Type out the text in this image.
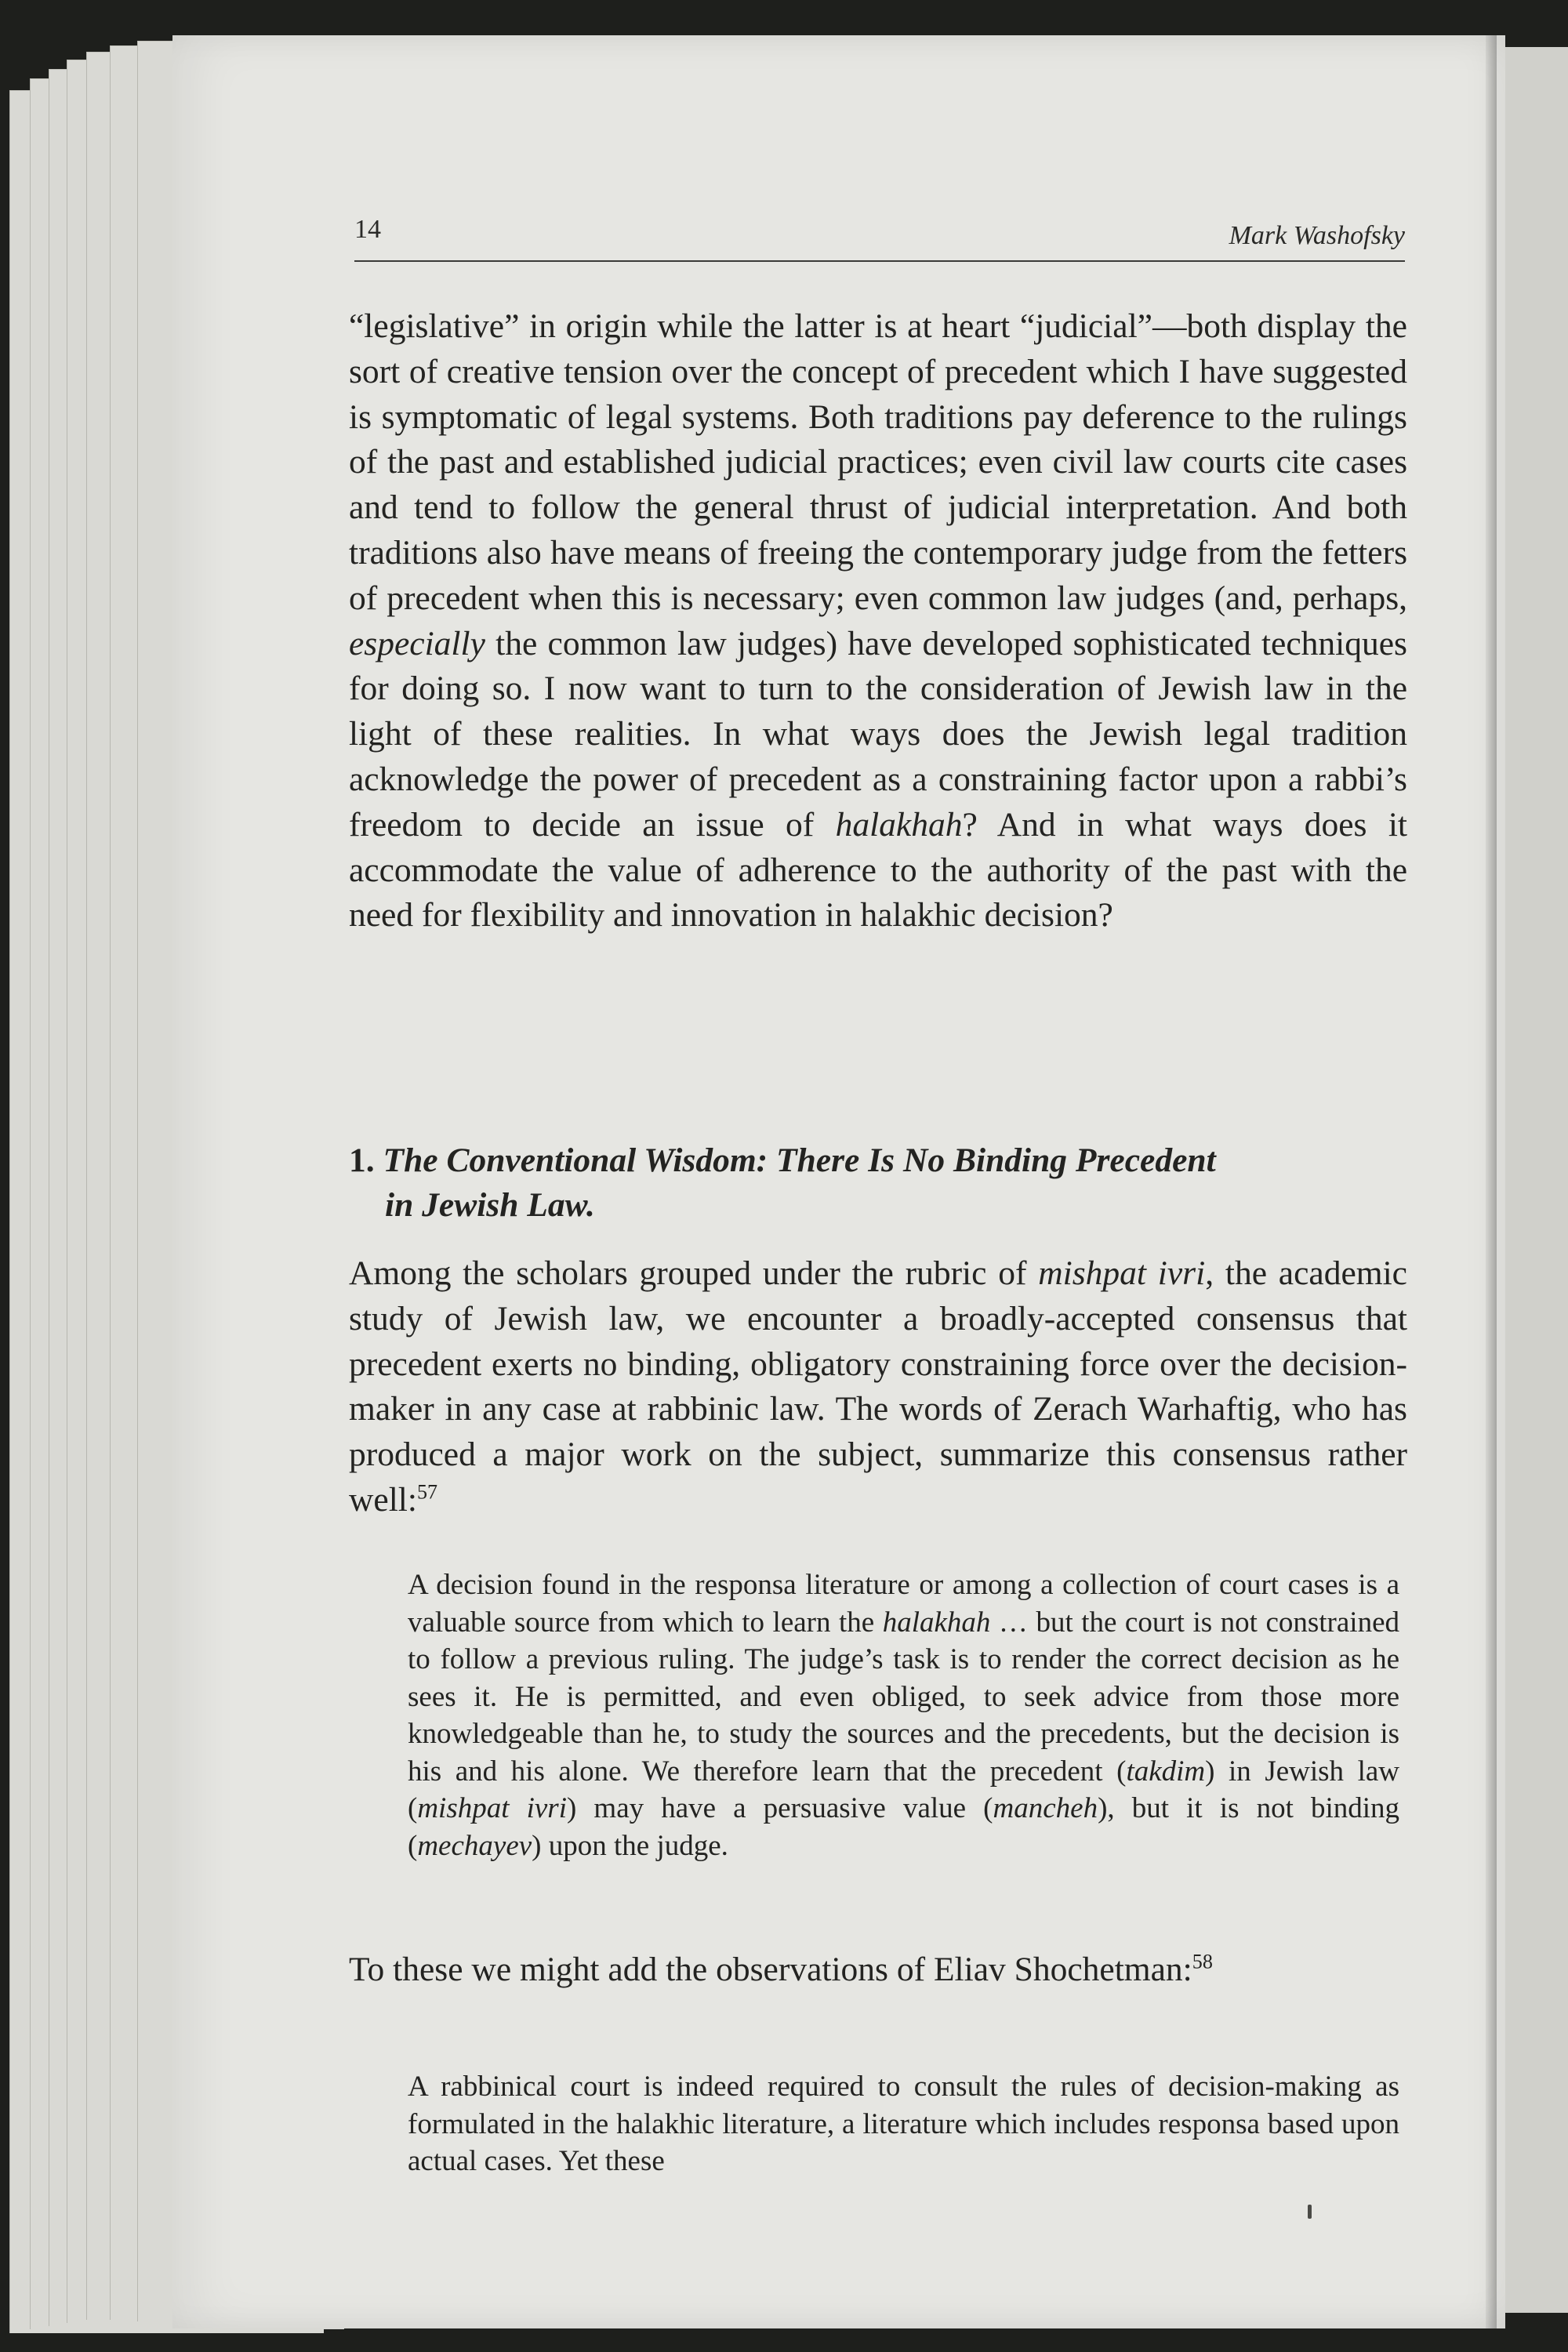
14	Mark Washofsky

“legislative” in origin while the latter is at heart “judicial”—both display the sort of creative tension over the concept of precedent which I have suggested is symptomatic of legal systems. Both traditions pay deference to the rulings of the past and established judicial practices; even civil law courts cite cases and tend to follow the general thrust of judicial interpretation. And both traditions also have means of freeing the contemporary judge from the fetters of precedent when this is necessary; even common law judges (and, perhaps, especially the common law judges) have developed sophisticated techniques for doing so. I now want to turn to the consideration of Jewish law in the light of these realities. In what ways does the Jewish legal tradition acknowledge the power of precedent as a constraining factor upon a rabbi’s freedom to decide an issue of halakhah? And in what ways does it accommodate the value of adherence to the authority of the past with the need for flexibility and innovation in halakhic decision?

1. The Conventional Wisdom: There Is No Binding Precedent
in Jewish Law.

Among the scholars grouped under the rubric of mishpat ivri, the academic study of Jewish law, we encounter a broadly-accepted consensus that precedent exerts no binding, obligatory constraining force over the decision-maker in any case at rabbinic law. The words of Zerach Warhaftig, who has produced a major work on the subject, summarize this consensus rather well:$^{57}$

A decision found in the responsa literature or among a collection of court cases is a valuable source from which to learn the halakhah … but the court is not constrained to follow a previous ruling. The judge’s task is to render the correct decision as he sees it. He is permitted, and even obliged, to seek advice from those more knowledgeable than he, to study the sources and the precedents, but the decision is his and his alone. We therefore learn that the precedent (takdim) in Jewish law (mishpat ivri) may have a persuasive value (mancheh), but it is not binding (mechayev) upon the judge.

To these we might add the observations of Eliav Shochetman:$^{58}$

A rabbinical court is indeed required to consult the rules of decision-making as formulated in the halakhic literature, a literature which includes responsa based upon actual cases. Yet these
